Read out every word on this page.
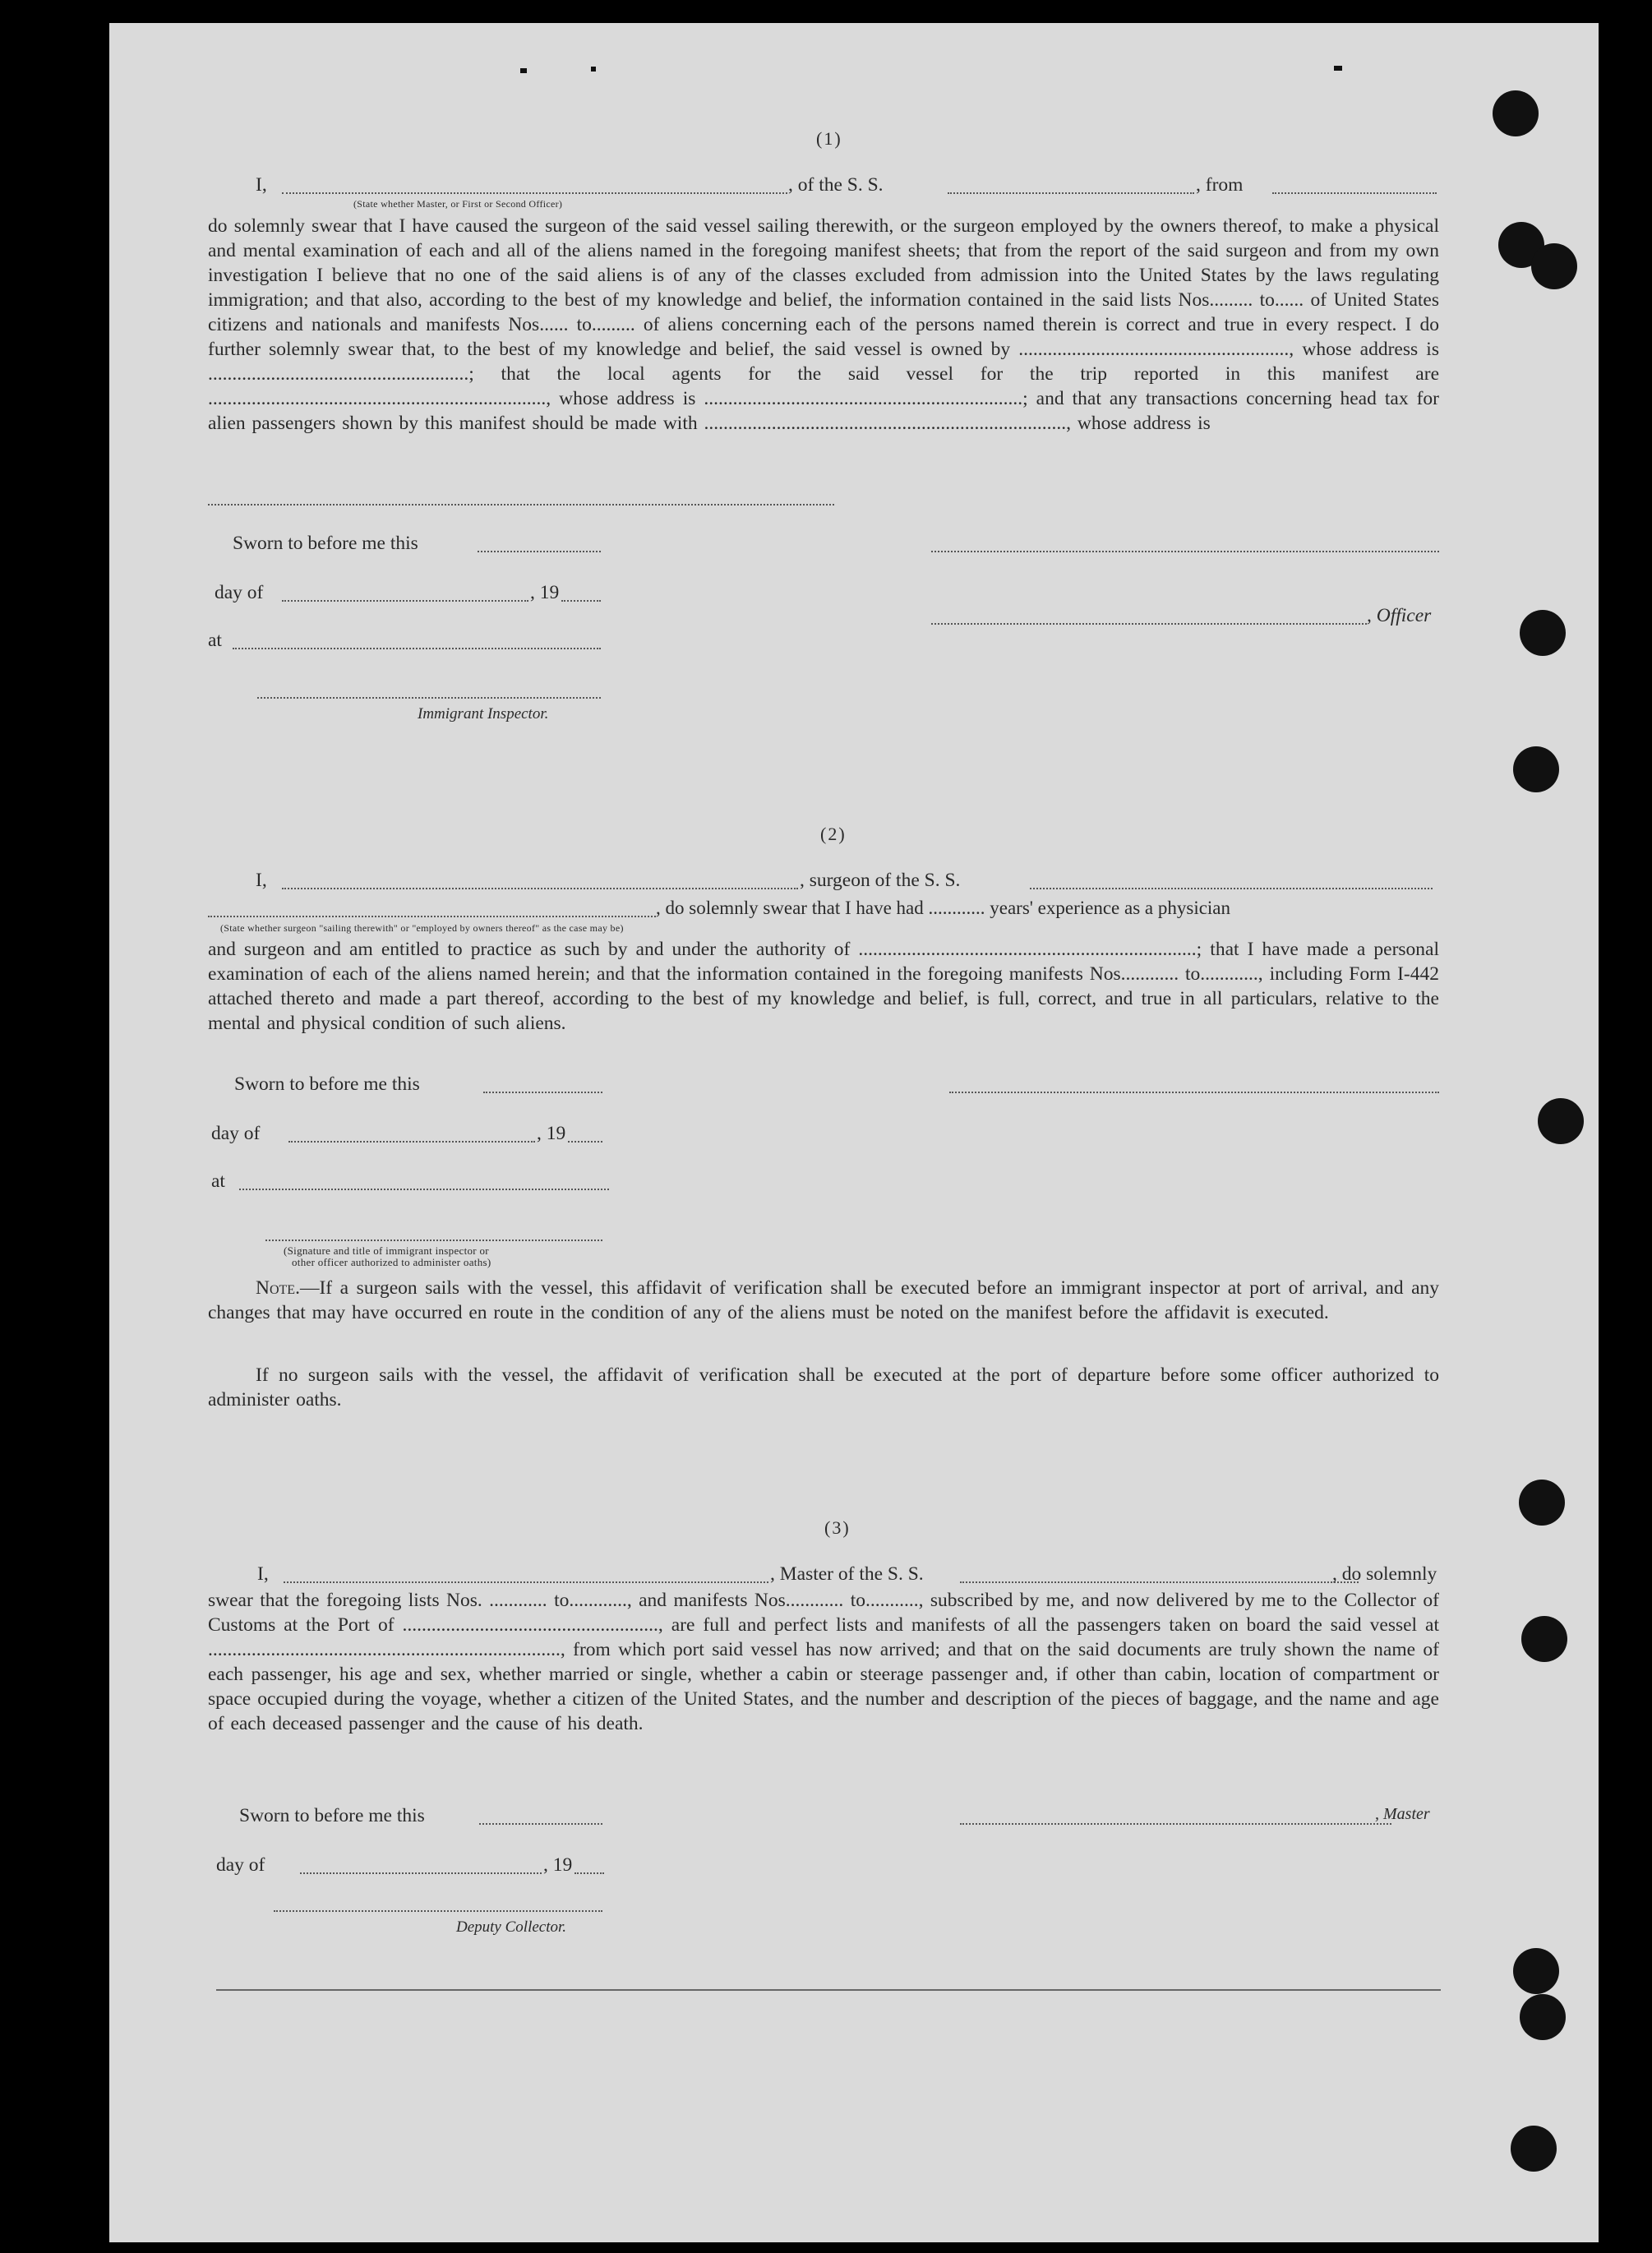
(1)
I,	, of the S. S.	, from
(State whether Master, or First or Second Officer)
do solemnly swear that I have caused the surgeon of the said vessel sailing therewith, or the surgeon employed by the owners thereof, to make a physical and mental examination of each and all of the aliens named in the foregoing manifest sheets; that from the report of the said surgeon and from my own investigation I believe that no one of the said aliens is of any of the classes excluded from admission into the United States by the laws regulating immigration; and that also, according to the best of my knowledge and belief, the information contained in the said lists Nos......... to...... of United States citizens and nationals and manifests Nos...... to......... of aliens concerning each of the persons named therein is correct and true in every respect. I do further solemnly swear that, to the best of my knowledge and belief, the said vessel is owned by ........................................................, whose address is ......................................................; that the local agents for the said vessel for the trip reported in this manifest are ......................................................................, whose address is ..................................................................; and that any transactions concerning head tax for alien passengers shown by this manifest should be made with ..........................................................................., whose address is
Sworn to before me this
day of	, 19
at
, Officer
Immigrant Inspector.
(2)
I,	, surgeon of the S. S.
, do solemnly swear that I have had ............ years' experience as a physician
(State whether surgeon "sailing therewith" or "employed by owners thereof" as the case may be)
and surgeon and am entitled to practice as such by and under the authority of ......................................................................; that I have made a personal examination of each of the aliens named herein; and that the information contained in the foregoing manifests Nos............ to............, including Form I-442 attached thereto and made a part thereof, according to the best of my knowledge and belief, is full, correct, and true in all particulars, relative to the mental and physical condition of such aliens.
Sworn to before me this
day of	, 19
at
(Signature and title of immigrant inspector or
other officer authorized to administer oaths)
Note.—If a surgeon sails with the vessel, this affidavit of verification shall be executed before an immigrant inspector at port of arrival, and any changes that may have occurred en route in the condition of any of the aliens must be noted on the manifest before the affidavit is executed.
If no surgeon sails with the vessel, the affidavit of verification shall be executed at the port of departure before some officer authorized to administer oaths.
(3)
I,	, Master of the S. S.	, do solemnly
swear that the foregoing lists Nos. ............ to............, and manifests Nos............ to..........., subscribed by me, and now delivered by me to the Collector of Customs at the Port of ....................................................., are full and perfect lists and manifests of all the passengers taken on board the said vessel at ........................................................................., from which port said vessel has now arrived; and that on the said documents are truly shown the name of each passenger, his age and sex, whether married or single, whether a cabin or steerage passenger and, if other than cabin, location of compartment or space occupied during the voyage, whether a citizen of the United States, and the number and description of the pieces of baggage, and the name and age of each deceased passenger and the cause of his death.
Sworn to before me this	, Master
day of	, 19
Deputy Collector.
